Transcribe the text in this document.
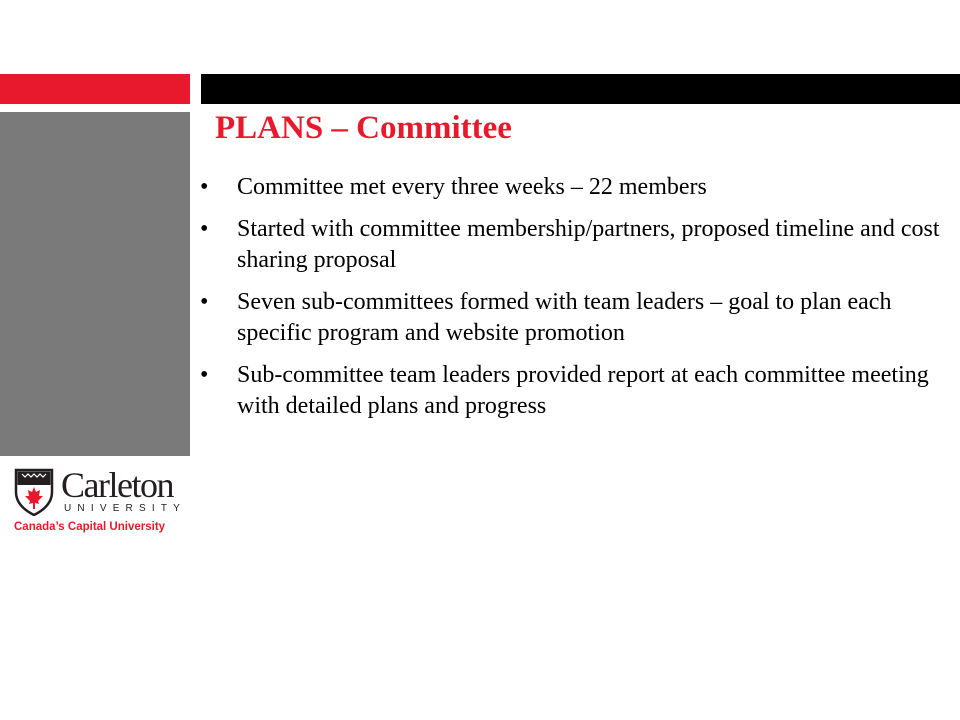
PLANS – Committee
• Committee met every three weeks – 22 members
• Started with committee membership/partners, proposed timeline and cost sharing proposal
• Seven sub-committees formed with team leaders – goal to plan each specific program and website promotion
• Sub-committee team leaders provided report at each committee meeting with detailed plans and progress
Carleton
UNIVERSITY
Canada’s Capital University
